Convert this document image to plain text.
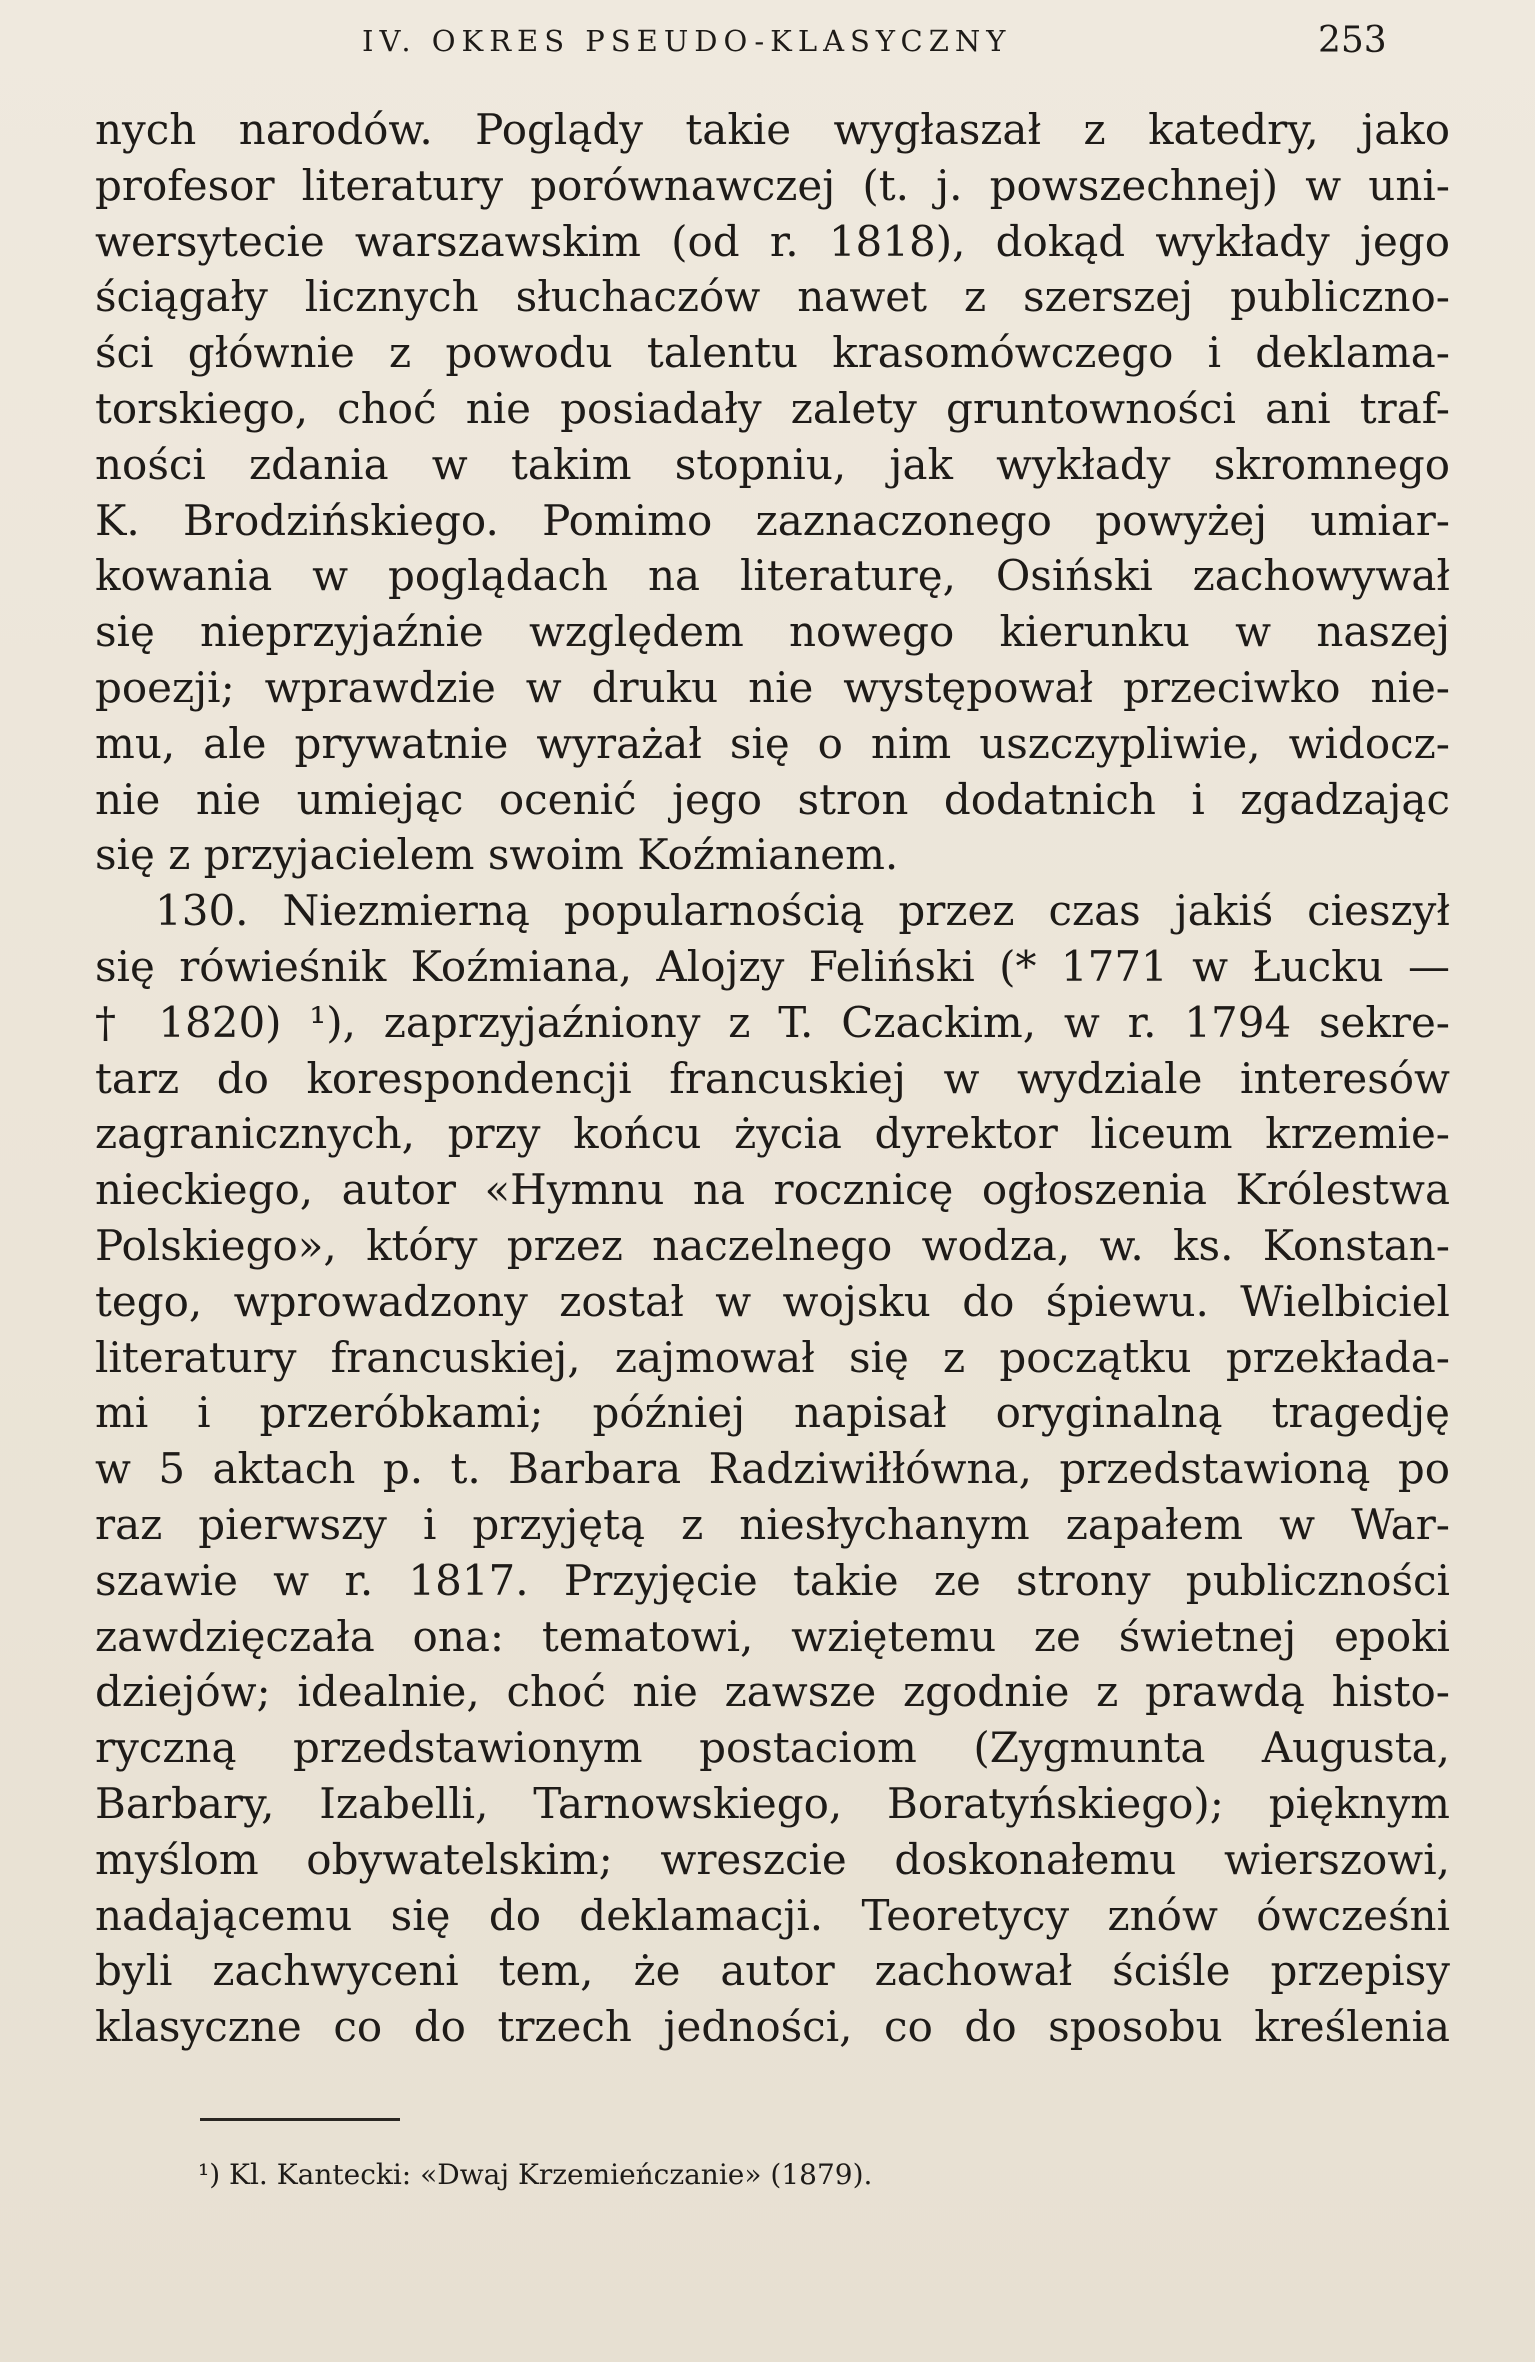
IV. OKRES PSEUDO-KLASYCZNY	253
nych narodów. Poglądy takie wygłaszał z katedry, jako
profesor literatury porównawczej (t. j. powszechnej) w uni-
wersytecie warszawskim (od r. 1818), dokąd wykłady jego
ściągały licznych słuchaczów nawet z szerszej publiczno-
ści głównie z powodu talentu krasomówczego i deklama-
torskiego, choć nie posiadały zalety gruntowności ani traf-
ności zdania w takim stopniu, jak wykłady skromnego
K. Brodzińskiego. Pomimo zaznaczonego powyżej umiar-
kowania w poglądach na literaturę, Osiński zachowywał
się nieprzyjaźnie względem nowego kierunku w naszej
poezji; wprawdzie w druku nie występował przeciwko nie-
mu, ale prywatnie wyrażał się o nim uszczypliwie, widocz-
nie nie umiejąc ocenić jego stron dodatnich i zgadzając
się z przyjacielem swoim Koźmianem.
130. Niezmierną popularnością przez czas jakiś cieszył
się rówieśnik Koźmiana, Alojzy Feliński (* 1771 w Łucku —
† 1820) ¹), zaprzyjaźniony z T. Czackim, w r. 1794 sekre-
tarz do korespondencji francuskiej w wydziale interesów
zagranicznych, przy końcu życia dyrektor liceum krzemie-
nieckiego, autor «Hymnu na rocznicę ogłoszenia Królestwa
Polskiego», który przez naczelnego wodza, w. ks. Konstan-
tego, wprowadzony został w wojsku do śpiewu. Wielbiciel
literatury francuskiej, zajmował się z początku przekłada-
mi i przeróbkami; później napisał oryginalną tragedję
w 5 aktach p. t. Barbara Radziwiłłówna, przedstawioną po
raz pierwszy i przyjętą z niesłychanym zapałem w War-
szawie w r. 1817. Przyjęcie takie ze strony publiczności
zawdzięczała ona: tematowi, wziętemu ze świetnej epoki
dziejów; idealnie, choć nie zawsze zgodnie z prawdą histo-
ryczną przedstawionym postaciom (Zygmunta Augusta,
Barbary, Izabelli, Tarnowskiego, Boratyńskiego); pięknym
myślom obywatelskim; wreszcie doskonałemu wierszowi,
nadającemu się do deklamacji. Teoretycy znów ówcześni
byli zachwyceni tem, że autor zachował ściśle przepisy
klasyczne co do trzech jedności, co do sposobu kreślenia
¹) Kl. Kantecki: «Dwaj Krzemieńczanie» (1879).
